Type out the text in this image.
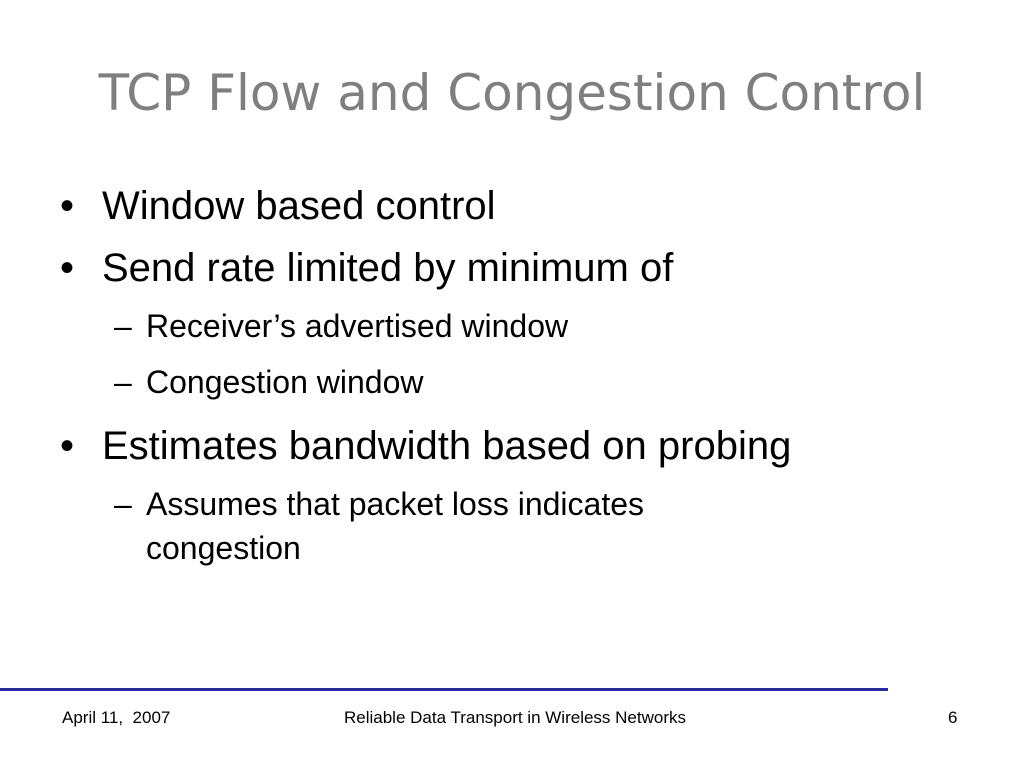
TCP Flow and Congestion Control
• Window based control
• Send rate limited by minimum of
– Receiver’s advertised window
– Congestion window
• Estimates bandwidth based on probing
– Assumes that packet loss indicates congestion
April 11,  2007	Reliable Data Transport in Wireless Networks	6
